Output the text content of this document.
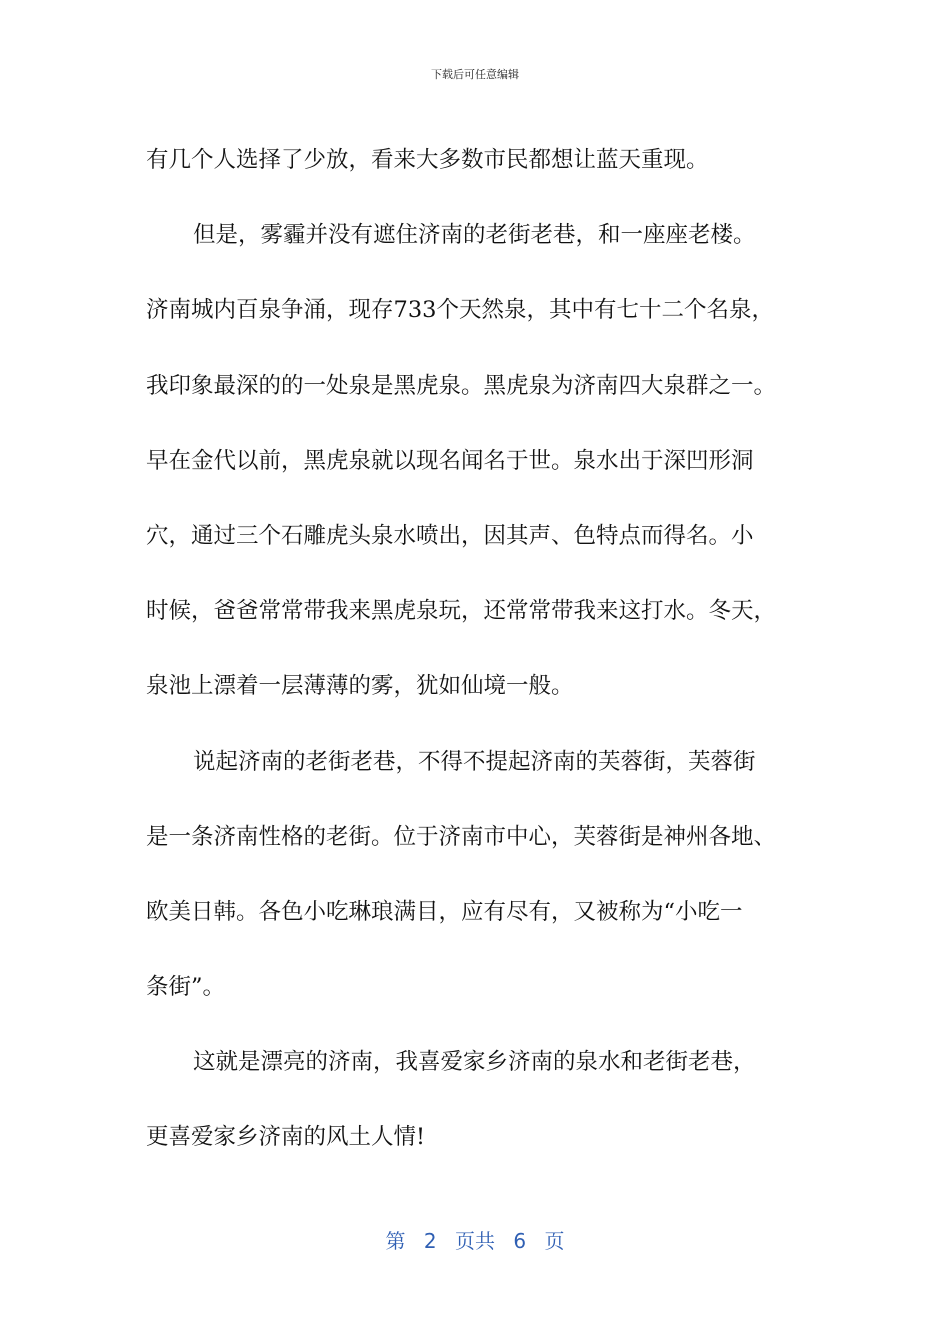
下载后可任意编辑
有几个人选择了少放，看来大多数市民都想让蓝天重现。
但是，雾霾并没有遮住济南的老街老巷，和一座座老楼。
济南城内百泉争涌，现存733个天然泉，其中有七十二个名泉，
我印象最深的的一处泉是黑虎泉。黑虎泉为济南四大泉群之一。
早在金代以前，黑虎泉就以现名闻名于世。泉水出于深凹形洞
穴，通过三个石雕虎头泉水喷出，因其声、色特点而得名。小
时候，爸爸常常带我来黑虎泉玩，还常常带我来这打水。冬天，
泉池上漂着一层薄薄的雾，犹如仙境一般。
说起济南的老街老巷，不得不提起济南的芙蓉街，芙蓉街
是一条济南性格的老街。位于济南市中心，芙蓉街是神州各地、
欧美日韩。各色小吃琳琅满目，应有尽有，又被称为“小吃一
条街”。
这就是漂亮的济南，我喜爱家乡济南的泉水和老街老巷，
更喜爱家乡济南的风土人情!
第 2 页共 6 页
